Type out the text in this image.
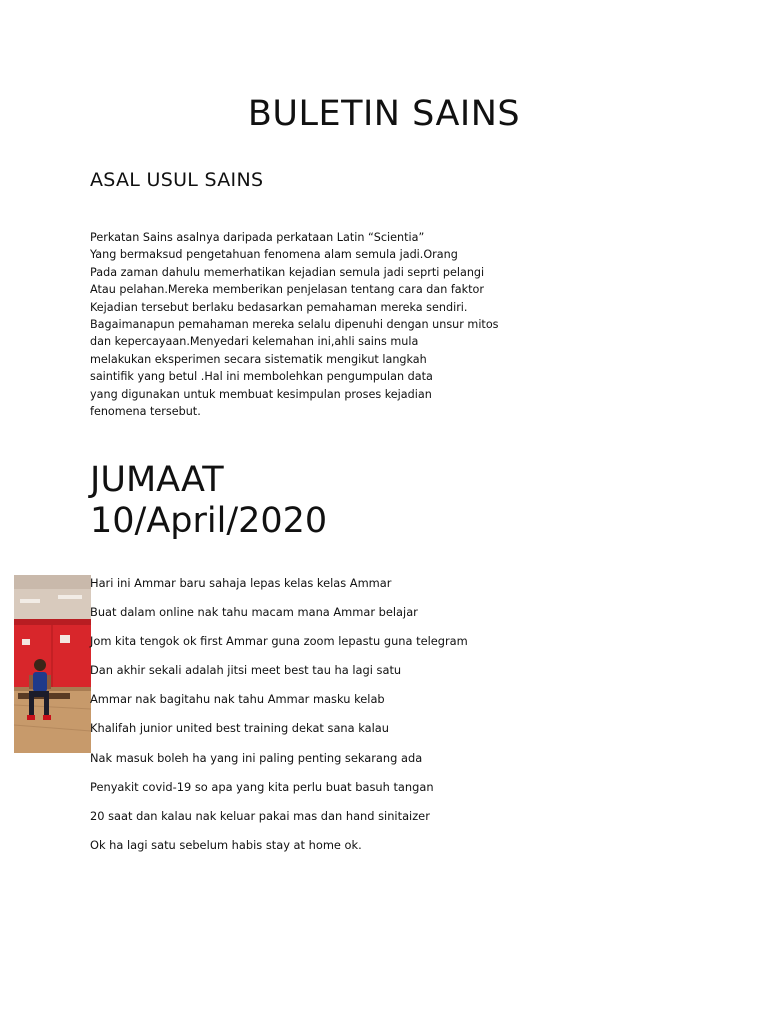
BULETIN SAINS
ASAL USUL SAINS
Perkatan Sains asalnya daripada perkataan Latin “Scientia”
Yang bermaksud pengetahuan fenomena alam semula jadi.Orang
Pada zaman dahulu memerhatikan kejadian semula jadi seprti pelangi
Atau pelahan.Mereka memberikan penjelasan tentang cara dan faktor
Kejadian tersebut berlaku bedasarkan pemahaman mereka sendiri.
Bagaimanapun pemahaman mereka selalu dipenuhi dengan unsur mitos
dan kepercayaan.Menyedari kelemahan ini,ahli sains mula
melakukan eksperimen secara sistematik mengikut langkah
saintifik yang betul .Hal ini membolehkan pengumpulan data
yang digunakan untuk membuat kesimpulan proses kejadian
fenomena tersebut.
JUMAAT
10/April/2020
Hari ini Ammar baru sahaja lepas kelas kelas Ammar
Buat dalam online nak tahu macam mana Ammar belajar
Jom kita tengok ok first Ammar guna zoom lepastu guna telegram
Dan akhir sekali adalah jitsi meet best tau ha lagi satu
Ammar nak bagitahu nak tahu Ammar masku kelab
Khalifah junior united best training dekat sana kalau
Nak masuk boleh ha yang ini paling penting sekarang ada
Penyakit covid-19 so apa yang kita perlu buat basuh tangan
20 saat dan kalau nak keluar pakai mas dan hand sinitaizer
Ok ha lagi satu sebelum habis stay at home ok.
